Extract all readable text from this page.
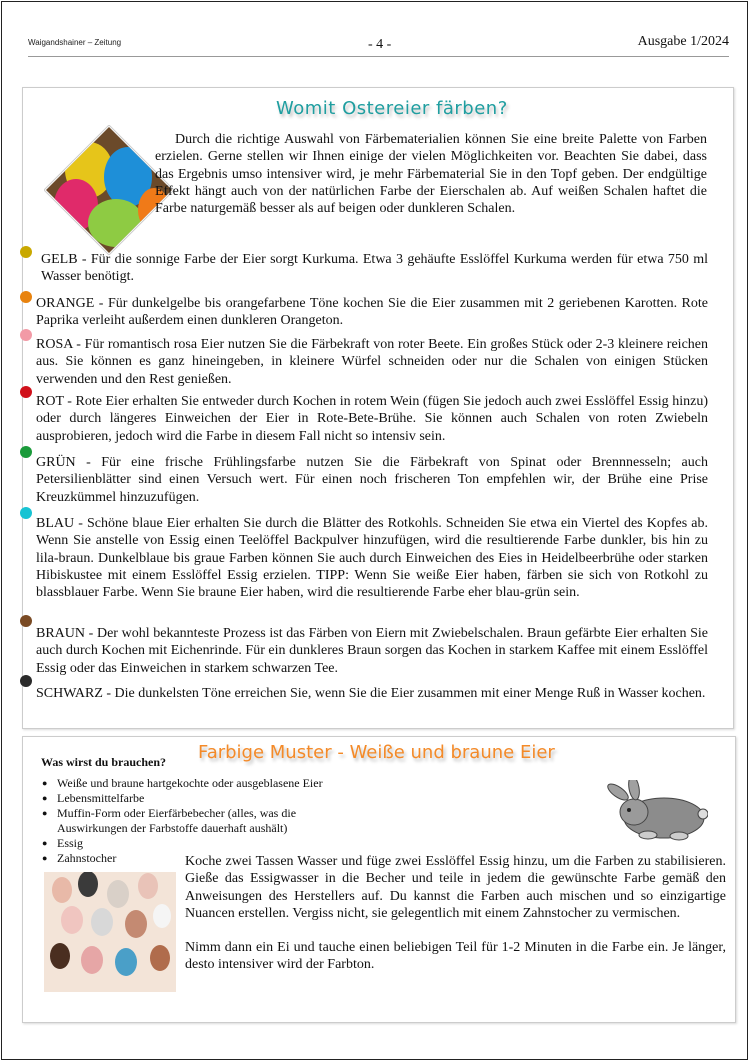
Waigandshainer – Zeitung	- 4 -	Ausgabe 1/2024
Womit Ostereier färben?
Durch die richtige Auswahl von Färbematerialien können Sie eine breite Palette von Farben erzielen. Gerne stellen wir Ihnen einige der vielen Möglichkeiten vor. Beachten Sie dabei, dass das Ergebnis umso intensiver wird, je mehr Färbematerial Sie in den Topf geben. Der endgültige Effekt hängt auch von der natürlichen Farbe der Eierschalen ab. Auf weißen Schalen haftet die Farbe naturgemäß besser als auf beigen oder dunkleren Schalen.
GELB - Für die sonnige Farbe der Eier sorgt Kurkuma. Etwa 3 gehäufte Esslöffel Kurkuma werden für etwa 750 ml Wasser benötigt.
ORANGE - Für dunkelgelbe bis orangefarbene Töne kochen Sie die Eier zusammen mit 2 geriebenen Karotten. Rote Paprika verleiht außerdem einen dunkleren Orangeton.
ROSA - Für romantisch rosa Eier nutzen Sie die Färbekraft von roter Beete. Ein großes Stück oder 2-3 kleinere reichen aus. Sie können es ganz hineingeben, in kleinere Würfel schneiden oder nur die Schalen von einigen Stücken verwenden und den Rest genießen.
ROT - Rote Eier erhalten Sie entweder durch Kochen in rotem Wein (fügen Sie jedoch auch zwei Esslöffel Essig hinzu) oder durch längeres Einweichen der Eier in Rote-Bete-Brühe. Sie können auch Schalen von roten Zwiebeln ausprobieren, jedoch wird die Farbe in diesem Fall nicht so intensiv sein.
GRÜN - Für eine frische Frühlingsfarbe nutzen Sie die Färbekraft von Spinat oder Brennnesseln; auch Petersilienblätter sind einen Versuch wert. Für einen noch frischeren Ton empfehlen wir, der Brühe eine Prise Kreuzkümmel hinzuzufügen.
BLAU - Schöne blaue Eier erhalten Sie durch die Blätter des Rotkohls. Schneiden Sie etwa ein Viertel des Kopfes ab. Wenn Sie anstelle von Essig einen Teelöffel Backpulver hinzufügen, wird die resultierende Farbe dunkler, bis hin zu lila-braun. Dunkelblaue bis graue Farben können Sie auch durch Einweichen des Eies in Heidelbeerbrühe oder starken Hibiskustee mit einem Esslöffel Essig erzielen. TIPP: Wenn Sie weiße Eier haben, färben sie sich von Rotkohl zu blassblauer Farbe. Wenn Sie braune Eier haben, wird die resultierende Farbe eher blau-grün sein.
BRAUN - Der wohl bekannteste Prozess ist das Färben von Eiern mit Zwiebelschalen. Braun gefärbte Eier erhalten Sie auch durch Kochen mit Eichenrinde. Für ein dunkleres Braun sorgen das Kochen in starkem Kaffee mit einem Esslöffel Essig oder das Einweichen in starkem schwarzen Tee.
SCHWARZ - Die dunkelsten Töne erreichen Sie, wenn Sie die Eier zusammen mit einer Menge Ruß in Wasser kochen.
Farbige Muster - Weiße und braune Eier
Was wirst du brauchen?
● Weiße und braune hartgekochte oder ausgeblasene Eier
● Lebensmittelfarbe
● Muffin-Form oder Eierfärbebecher (alles, was die Auswirkungen der Farbstoffe dauerhaft aushält)
● Essig
● Zahnstocher	Koche zwei Tassen Wasser und füge zwei Esslöffel Essig hinzu, um die Farben zu stabilisieren. Gieße das Essigwasser in die Becher und teile in jedem die gewünschte Farbe gemäß den Anweisungen des Herstellers auf. Du kannst die Farben auch mischen und so einzigartige Nuancen erstellen. Vergiss nicht, sie gelegentlich mit einem Zahnstocher zu vermischen.

Nimm dann ein Ei und tauche einen beliebigen Teil für 1-2 Minuten in die Farbe ein. Je länger, desto intensiver wird der Farbton.
